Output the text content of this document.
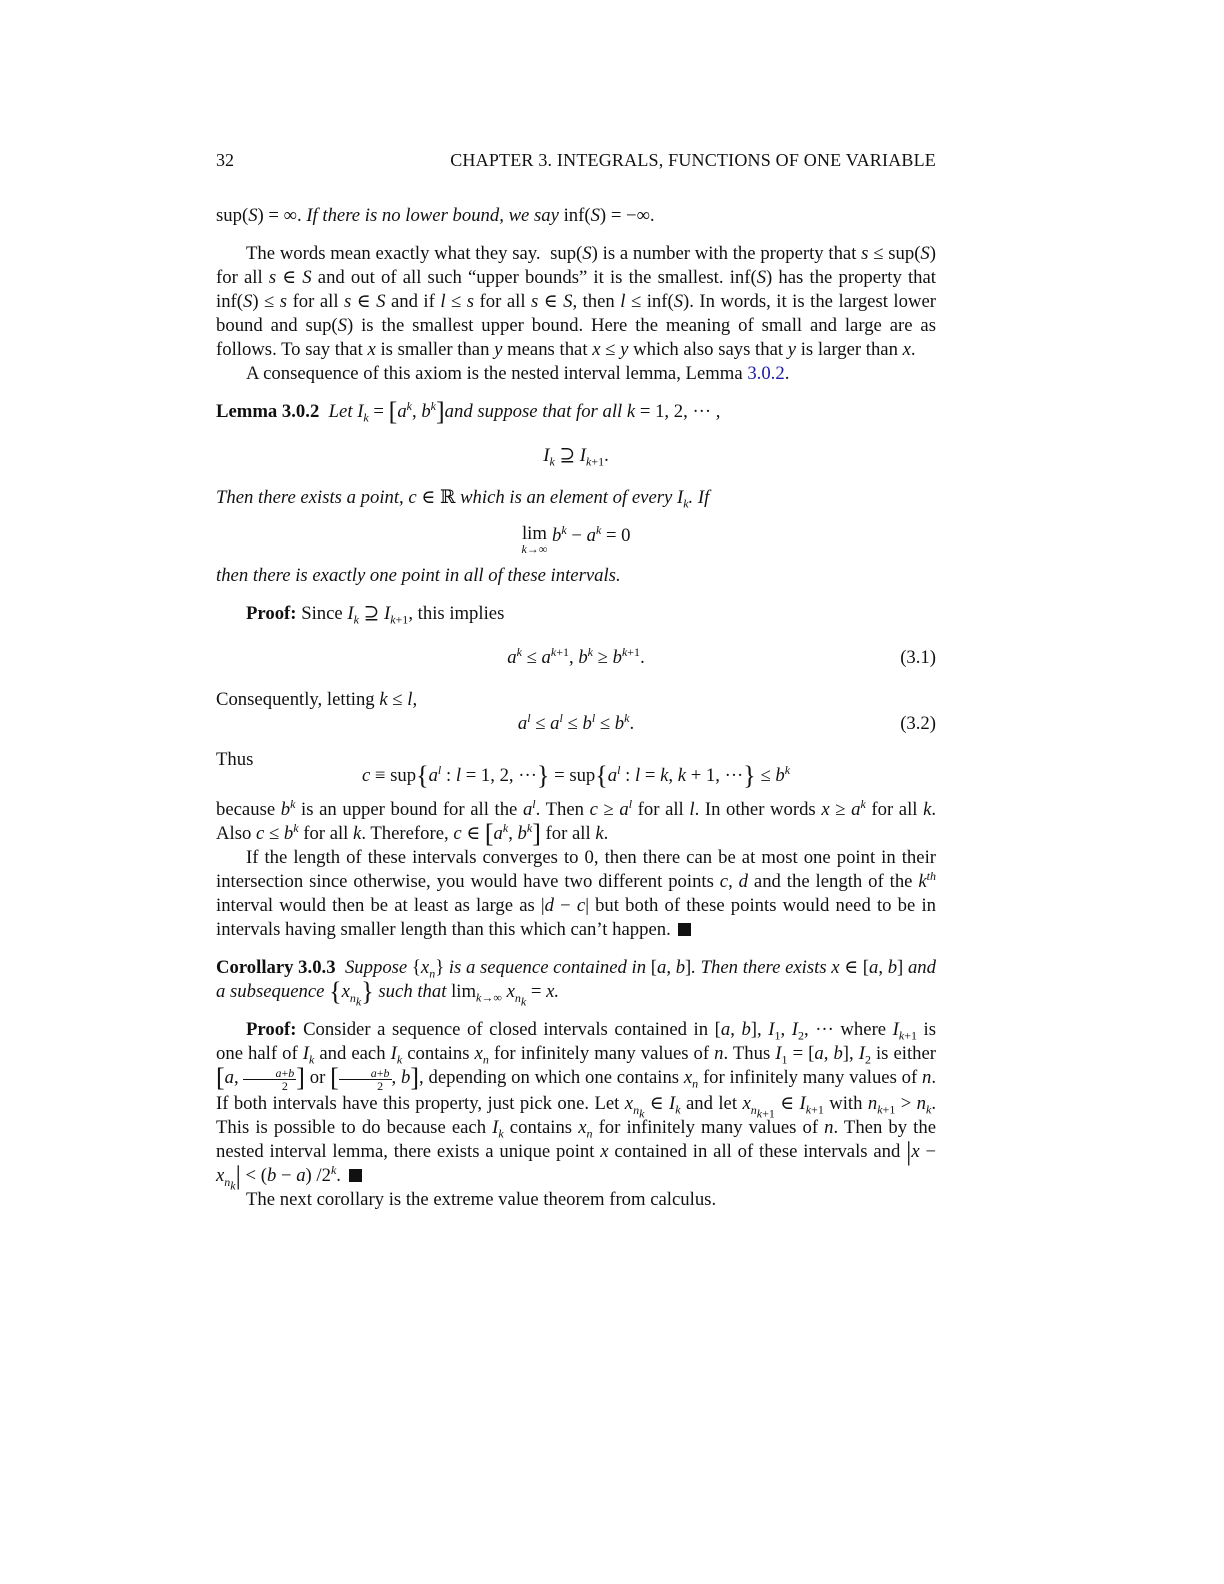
32	CHAPTER 3. INTEGRALS, FUNCTIONS OF ONE VARIABLE

sup(S) = ∞. If there is no lower bound, we say inf(S) = −∞.

The words mean exactly what they say.  sup(S) is a number with the property that s ≤ sup(S) for all s ∈ S and out of all such “upper bounds” it is the smallest. inf(S) has the property that inf(S) ≤ s for all s ∈ S and if l ≤ s for all s ∈ S, then l ≤ inf(S). In words, it is the largest lower bound and sup(S) is the smallest upper bound. Here the meaning of small and large are as follows. To say that x is smaller than y means that x ≤ y which also says that y is larger than x.

A consequence of this axiom is the nested interval lemma, Lemma 3.0.2.

Lemma 3.0.2 Let $I_k = [a^k$, $b^k]and$ suppose that for all k = 1, 2, ··· ,

$I_k$ ⊇ $I_{k+1}$.

Then there exists a point, c ∈ ℝ which is an element of every $I_k$. If

lim
k→∞
$b^k - a^k = 0$

then there is exactly one point in all of these intervals.

Proof: Since $I_k$ ⊇ $I_{k+1}$, this implies

$a^k \le a^{k+1}$, $b^k \ge b^{k+1}$.	(3.1)

Consequently, letting k ≤ l,

$a^l \le a^l \le b^l \le b^k$.	(3.2)

Thus

$c \equiv sup\{a^l$ : l = 1, 2, ···} = $sup\{a^l$ : l = k, k + 1, ···} ≤ $b^k$

because $b^k$ is an upper bound for all the $a^l$. Then $c \ge a^l$ for all l. In other words $x \ge a^k$ for all k. Also $c \le b^k$ for all k. Therefore, c ∈ [$a^k$, $b^k$] for all k.

If the length of these intervals converges to 0, then there can be at most one point in their intersection since otherwise, you would have two different points c, d and the length of the $k^{th}$ interval would then be at least as large as |d − c| but both of these points would need to be in intervals having smaller length than this which can’t happen.

Corollary 3.0.3 Suppose $\{x_n\}$ is a sequence contained in [a, b]. Then there exists x ∈ [a, b] and a subsequence $\{x_{n_k}\}$ such that $\lim_{k\to\infty} x_{n_k} = x$.

Proof: Consider a sequence of closed intervals contained in [a, b], $I_1$, $I_2$, ··· where $I_{k+1}$ is one half of $I_k$ and each $I_k$ contains $x_n$ for infinitely many values of n. Thus $I_1 = [a$, b], $I_2$ is either [a, $\frac{a+b}{2}$ ] or [ $\frac{a+b}{2}$ , b], depending on which one contains $x_n$ for infinitely many values of n. If both intervals have this property, just pick one. Let $x_{n_k}$ ∈ $I_k$ and let $x_{n_{k+1}}$ ∈ $I_{k+1}$ with $n_{k+1} > n_k$. This is possible to do because each $I_k$ contains $x_n$ for infinitely many values of n. Then by the nested interval lemma, there exists a unique point x contained in all of these intervals and $|x - x_{n_k}| < (b - a)$ /2$^k$.

The next corollary is the extreme value theorem from calculus.
